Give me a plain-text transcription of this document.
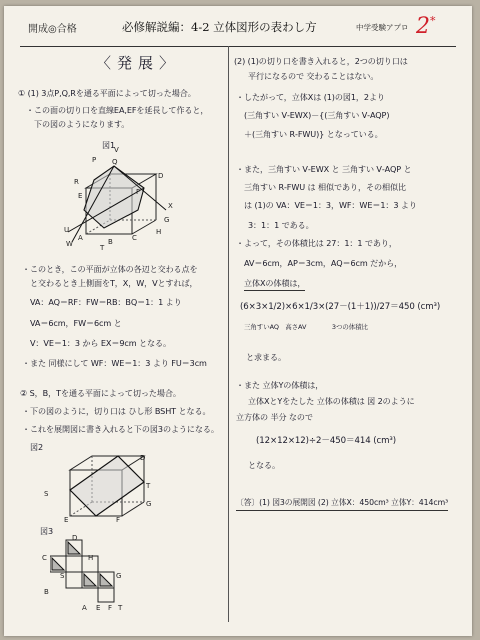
開成◎合格	必修解説編：4‑2 立体図形の表わし方	中学受験アプロ 2*
〈発展〉
① (1) 3点P,Q,Rを通る平面によって切った場合。
・この面の切り口を直線EA,EFを延長して作ると，
下の図のようになります。
図1
P Q
D
R
E	F
G
H
C
A	B
W
V
U
T
X
・このとき，この平面が立体の各辺と交わる点を
と交わるとき上側面をT，X，W，Vとすれば，
VA：AQ＝RF：FW＝RB：BQ＝1：1 より
VA＝6cm，FW＝6cm と
V：VE＝1：3 から EX＝9cm となる。
・また 同様にして WF：WE＝1：3 より FU＝3cm
② S，B，Tを通る平面によって切った場合。
・下の図のように，切り口は ひし形 BSHT となる。
・これを展開図に書き入れると下の図3のようになる。
図2
S
D
T
G
E	F
図3
D
H
C
S	G
B
A E F T
(2) (1)の切り口を書き入れると，2つの切り口は
平行になるので 交わることはない。
・したがって，立体Xは (1)の図1，2より
(三角すい V‑EWX)－{(三角すい V‑AQP)
＋(三角すい R‑FWU)} となっている。
・また，三角すい V‑EWX と 三角すい V‑AQP と
三角すい R‑FWU は 相似であり，その相似比
は (1)の VA：VE＝1：3，WF：WE＝1：3 より
3：1：1 である。
・よって，その体積比は 27：1：1 であり，
AV＝6cm，AP＝3cm，AQ＝6cm だから，
立体Xの体積は，
(6×3×1/2)×6×1/3×(27－(1＋1))/27＝450 (cm³)
三角すいAQ　高さAV　　　　3つの体積比
と求まる。
・また 立体Yの体積は，
立体XとYをたした 立体の体積は 図 2のように
立方体の 半分 なので
(12×12×12)÷2－450＝414 (cm³)
となる。
〔答〕(1) 図3の展開図 (2) 立体X：450cm³ 立体Y：414cm³
